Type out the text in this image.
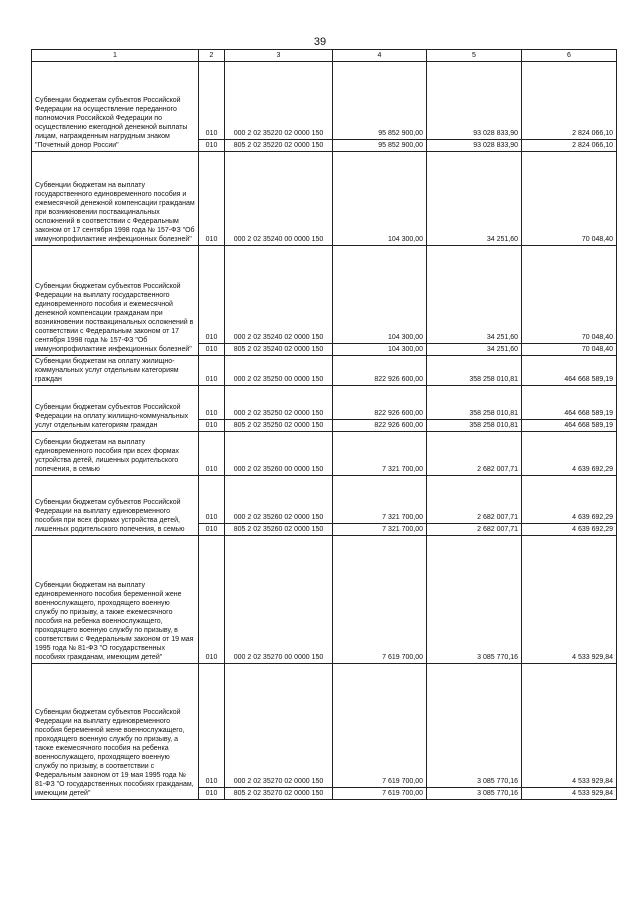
39
1	2	3	4	5	6
Субвенции бюджетам субъектов Российской Федерации на осуществление переданного полномочия Российской Федерации по осуществлению ежегодной денежной выплаты лицам, награжденным нагрудным знаком "Почетный донор России"	010	000 2 02 35220 02 0000 150	95 852 900,00	93 028 833,90	2 824 066,10
	010	805 2 02 35220 02 0000 150	95 852 900,00	93 028 833,90	2 824 066,10
Субвенции бюджетам на выплату государственного единовременного пособия и ежемесячной денежной компенсации гражданам при возникновении поствакцинальных осложнений в соответствии с Федеральным законом от 17 сентября 1998 года № 157-ФЗ "Об иммунопрофилактике инфекционных болезней"	010	000 2 02 35240 00 0000 150	104 300,00	34 251,60	70 048,40
Субвенции бюджетам субъектов Российской Федерации на выплату государственного единовременного пособия и ежемесячной денежной компенсации гражданам при возникновении поствакцинальных осложнений в соответствии с Федеральным законом от 17 сентября 1998 года № 157-ФЗ "Об иммунопрофилактике инфекционных болезней"	010	000 2 02 35240 02 0000 150	104 300,00	34 251,60	70 048,40
	010	805 2 02 35240 02 0000 150	104 300,00	34 251,60	70 048,40
Субвенции бюджетам на оплату жилищно-коммунальных услуг отдельным категориям граждан	010	000 2 02 35250 00 0000 150	822 926 600,00	358 258 010,81	464 668 589,19
Субвенции бюджетам субъектов Российской Федерации на оплату жилищно-коммунальных услуг отдельным категориям граждан	010	000 2 02 35250 02 0000 150	822 926 600,00	358 258 010,81	464 668 589,19
	010	805 2 02 35250 02 0000 150	822 926 600,00	358 258 010,81	464 668 589,19
Субвенции бюджетам на выплату единовременного пособия при всех формах устройства детей, лишенных родительского попечения, в семью	010	000 2 02 35260 00 0000 150	7 321 700,00	2 682 007,71	4 639 692,29
Субвенции бюджетам субъектов Российской Федерации на выплату единовременного пособия при всех формах устройства детей, лишенных родительского попечения, в семью	010	000 2 02 35260 02 0000 150	7 321 700,00	2 682 007,71	4 639 692,29
	010	805 2 02 35260 02 0000 150	7 321 700,00	2 682 007,71	4 639 692,29
Субвенции бюджетам на выплату единовременного пособия беременной жене военнослужащего, проходящего военную службу по призыву, а также ежемесячного пособия на ребенка военнослужащего, проходящего военную службу по призыву, в соответствии с Федеральным законом от 19 мая 1995 года № 81-ФЗ "О государственных пособиях гражданам, имеющим детей"	010	000 2 02 35270 00 0000 150	7 619 700,00	3 085 770,16	4 533 929,84
Субвенции бюджетам субъектов Российской Федерации на выплату единовременного пособия беременной жене военнослужащего, проходящего военную службу по призыву, а также ежемесячного пособия на ребенка военнослужащего, проходящего военную службу по призыву, в соответствии с Федеральным законом от 19 мая 1995 года № 81-ФЗ "О государственных пособиях гражданам, имеющим детей"	010	000 2 02 35270 02 0000 150	7 619 700,00	3 085 770,16	4 533 929,84
	010	805 2 02 35270 02 0000 150	7 619 700,00	3 085 770,16	4 533 929,84
